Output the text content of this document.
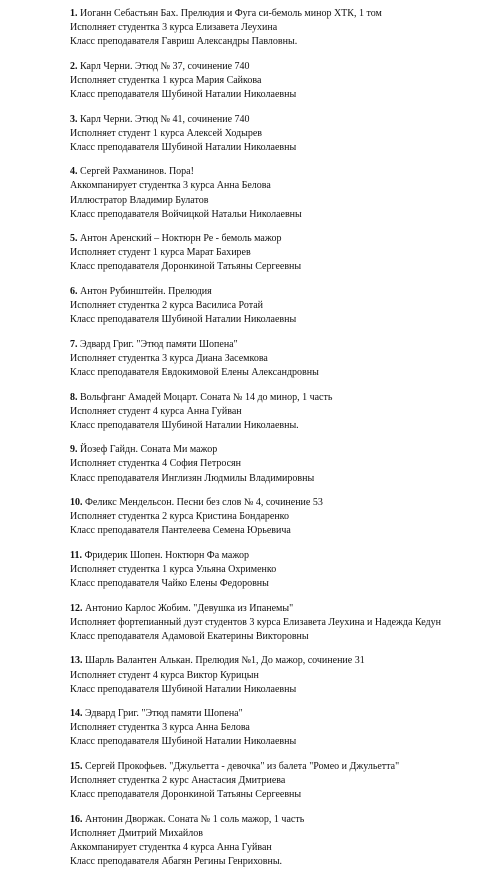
1. Иоганн Себастьян Бах. Прелюдия и Фуга си-бемоль минор ХТК, 1 том
Исполняет студентка 3 курса Елизавета Леухина
Класс преподавателя Гавриш Александры Павловны.
2. Карл Черни. Этюд № 37, сочинение 740
Исполняет студентка 1 курса Мария Сайкова
Класс преподавателя Шубиной Наталии Николаевны
3. Карл Черни. Этюд № 41, сочинение 740
Исполняет студент 1 курса Алексей Ходырев
Класс преподавателя Шубиной Наталии Николаевны
4. Сергей Рахманинов. Пора!
Аккомпанирует студентка 3 курса Анна Белова
Иллюстратор Владимир Булатов
Класс преподавателя Войчицкой Натальи Николаевны
5. Антон Аренский – Ноктюрн Ре - бемоль мажор
Исполняет студент 1 курса Марат Бахирев
Класс преподавателя Доронкиной Татьяны Сергеевны
6. Антон Рубинштейн. Прелюдия
Исполняет студентка 2 курса Василиса Ротай
Класс преподавателя Шубиной Наталии Николаевны
7. Эдвард Григ. "Этюд памяти Шопена"
Исполняет студентка 3 курса Диана Засемкова
Класс преподавателя Евдокимовой Елены Александровны
8. Вольфганг Амадей Моцарт. Соната № 14 до минор, 1 часть
Исполняет студент 4 курса Анна Гуйван
Класс преподавателя Шубиной Наталии Николаевны.
9. Йозеф Гайдн. Соната Ми мажор
Исполняет студентка 4 София Петросян
Класс преподавателя Инглизян Людмилы Владимировны
10. Феликс Мендельсон. Песни без слов № 4, сочинение 53
Исполняет студентка 2 курса Кристина Бондаренко
Класс преподавателя Пантелеева Семена Юрьевича
11. Фридерик Шопен. Ноктюрн Фа мажор
Исполняет студентка 1 курса Ульяна Охрименко
Класс преподавателя Чайко Елены Федоровны
12. Антонио Карлос Жобим. "Девушка из Ипанемы"
Исполняет фортепианный дуэт студентов 3 курса Елизавета Леухина и Надежда Кедун
Класс преподавателя Адамовой Екатерины Викторовны
13. Шарль Валантен Алькан. Прелюдия №1, До мажор, сочинение 31
Исполняет студент 4 курса Виктор Курицын
Класс преподавателя Шубиной Наталии Николаевны
14. Эдвард Григ. "Этюд памяти Шопена"
Исполняет студентка 3 курса Анна Белова
Класс преподавателя Шубиной Наталии Николаевны
15. Сергей Прокофьев. "Джульетта - девочка" из балета "Ромео и Джульетта"
Исполняет студентка 2 курс Анастасия Дмитриева
Класс преподавателя Доронкиной Татьяны Сергеевны
16. Антонин Дворжак. Соната № 1 соль мажор, 1 часть
Исполняет Дмитрий Михайлов
Аккомпанирует студентка 4 курса Анна Гуйван
Класс преподавателя Абагян Регины Генриховны.
